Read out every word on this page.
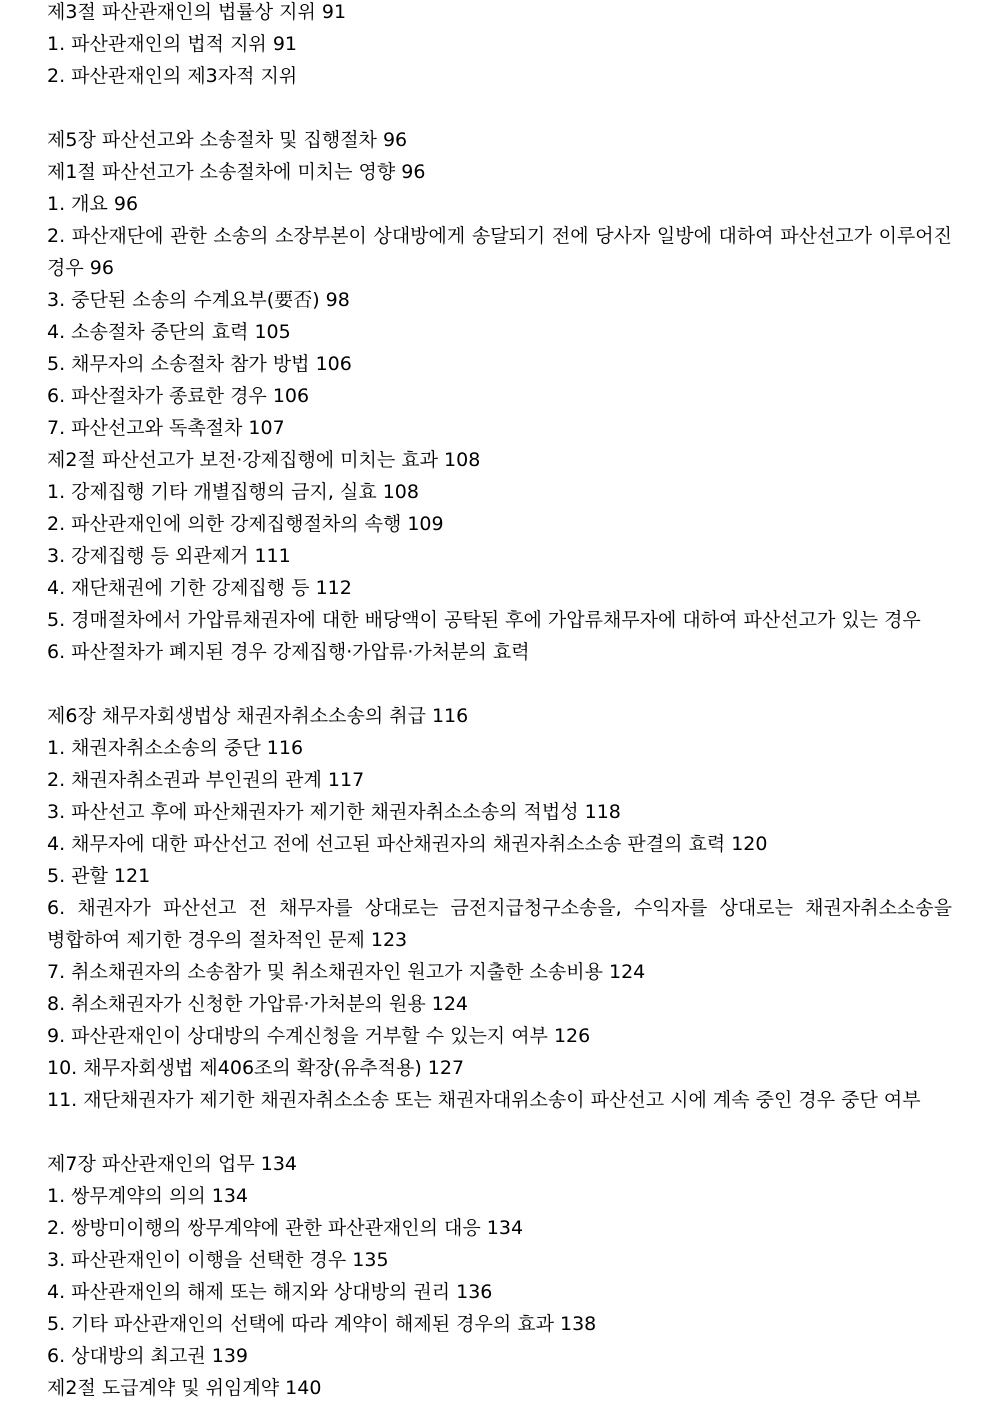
제3절 파산관재인의 법률상 지위 91
1. 파산관재인의 법적 지위 91
2. 파산관재인의 제3자적 지위
제5장 파산선고와 소송절차 및 집행절차 96
제1절 파산선고가 소송절차에 미치는 영향 96
1. 개요 96
2. 파산재단에 관한 소송의 소장부본이 상대방에게 송달되기 전에 당사자 일방에 대하여 파산선고가 이루어진 경우 96
3. 중단된 소송의 수계요부(要否) 98
4. 소송절차 중단의 효력 105
5. 채무자의 소송절차 참가 방법 106
6. 파산절차가 종료한 경우 106
7. 파산선고와 독촉절차 107
제2절 파산선고가 보전·강제집행에 미치는 효과 108
1. 강제집행 기타 개별집행의 금지, 실효 108
2. 파산관재인에 의한 강제집행절차의 속행 109
3. 강제집행 등 외관제거 111
4. 재단채권에 기한 강제집행 등 112
5. 경매절차에서 가압류채권자에 대한 배당액이 공탁된 후에 가압류채무자에 대하여 파산선고가 있는 경우
6. 파산절차가 폐지된 경우 강제집행·가압류·가처분의 효력
제6장 채무자회생법상 채권자취소소송의 취급 116
1. 채권자취소소송의 중단 116
2. 채권자취소권과 부인권의 관계 117
3. 파산선고 후에 파산채권자가 제기한 채권자취소소송의 적법성 118
4. 채무자에 대한 파산선고 전에 선고된 파산채권자의 채권자취소소송 판결의 효력 120
5. 관할 121
6. 채권자가 파산선고 전 채무자를 상대로는 금전지급청구소송을, 수익자를 상대로는 채권자취소소송을 병합하여 제기한 경우의 절차적인 문제 123
7. 취소채권자의 소송참가 및 취소채권자인 원고가 지출한 소송비용 124
8. 취소채권자가 신청한 가압류·가처분의 원용 124
9. 파산관재인이 상대방의 수계신청을 거부할 수 있는지 여부 126
10. 채무자회생법 제406조의 확장(유추적용) 127
11. 재단채권자가 제기한 채권자취소소송 또는 채권자대위소송이 파산선고 시에 계속 중인 경우 중단 여부
제7장 파산관재인의 업무 134
1. 쌍무계약의 의의 134
2. 쌍방미이행의 쌍무계약에 관한 파산관재인의 대응 134
3. 파산관재인이 이행을 선택한 경우 135
4. 파산관재인의 해제 또는 해지와 상대방의 권리 136
5. 기타 파산관재인의 선택에 따라 계약이 해제된 경우의 효과 138
6. 상대방의 최고권 139
제2절 도급계약 및 위임계약 140
